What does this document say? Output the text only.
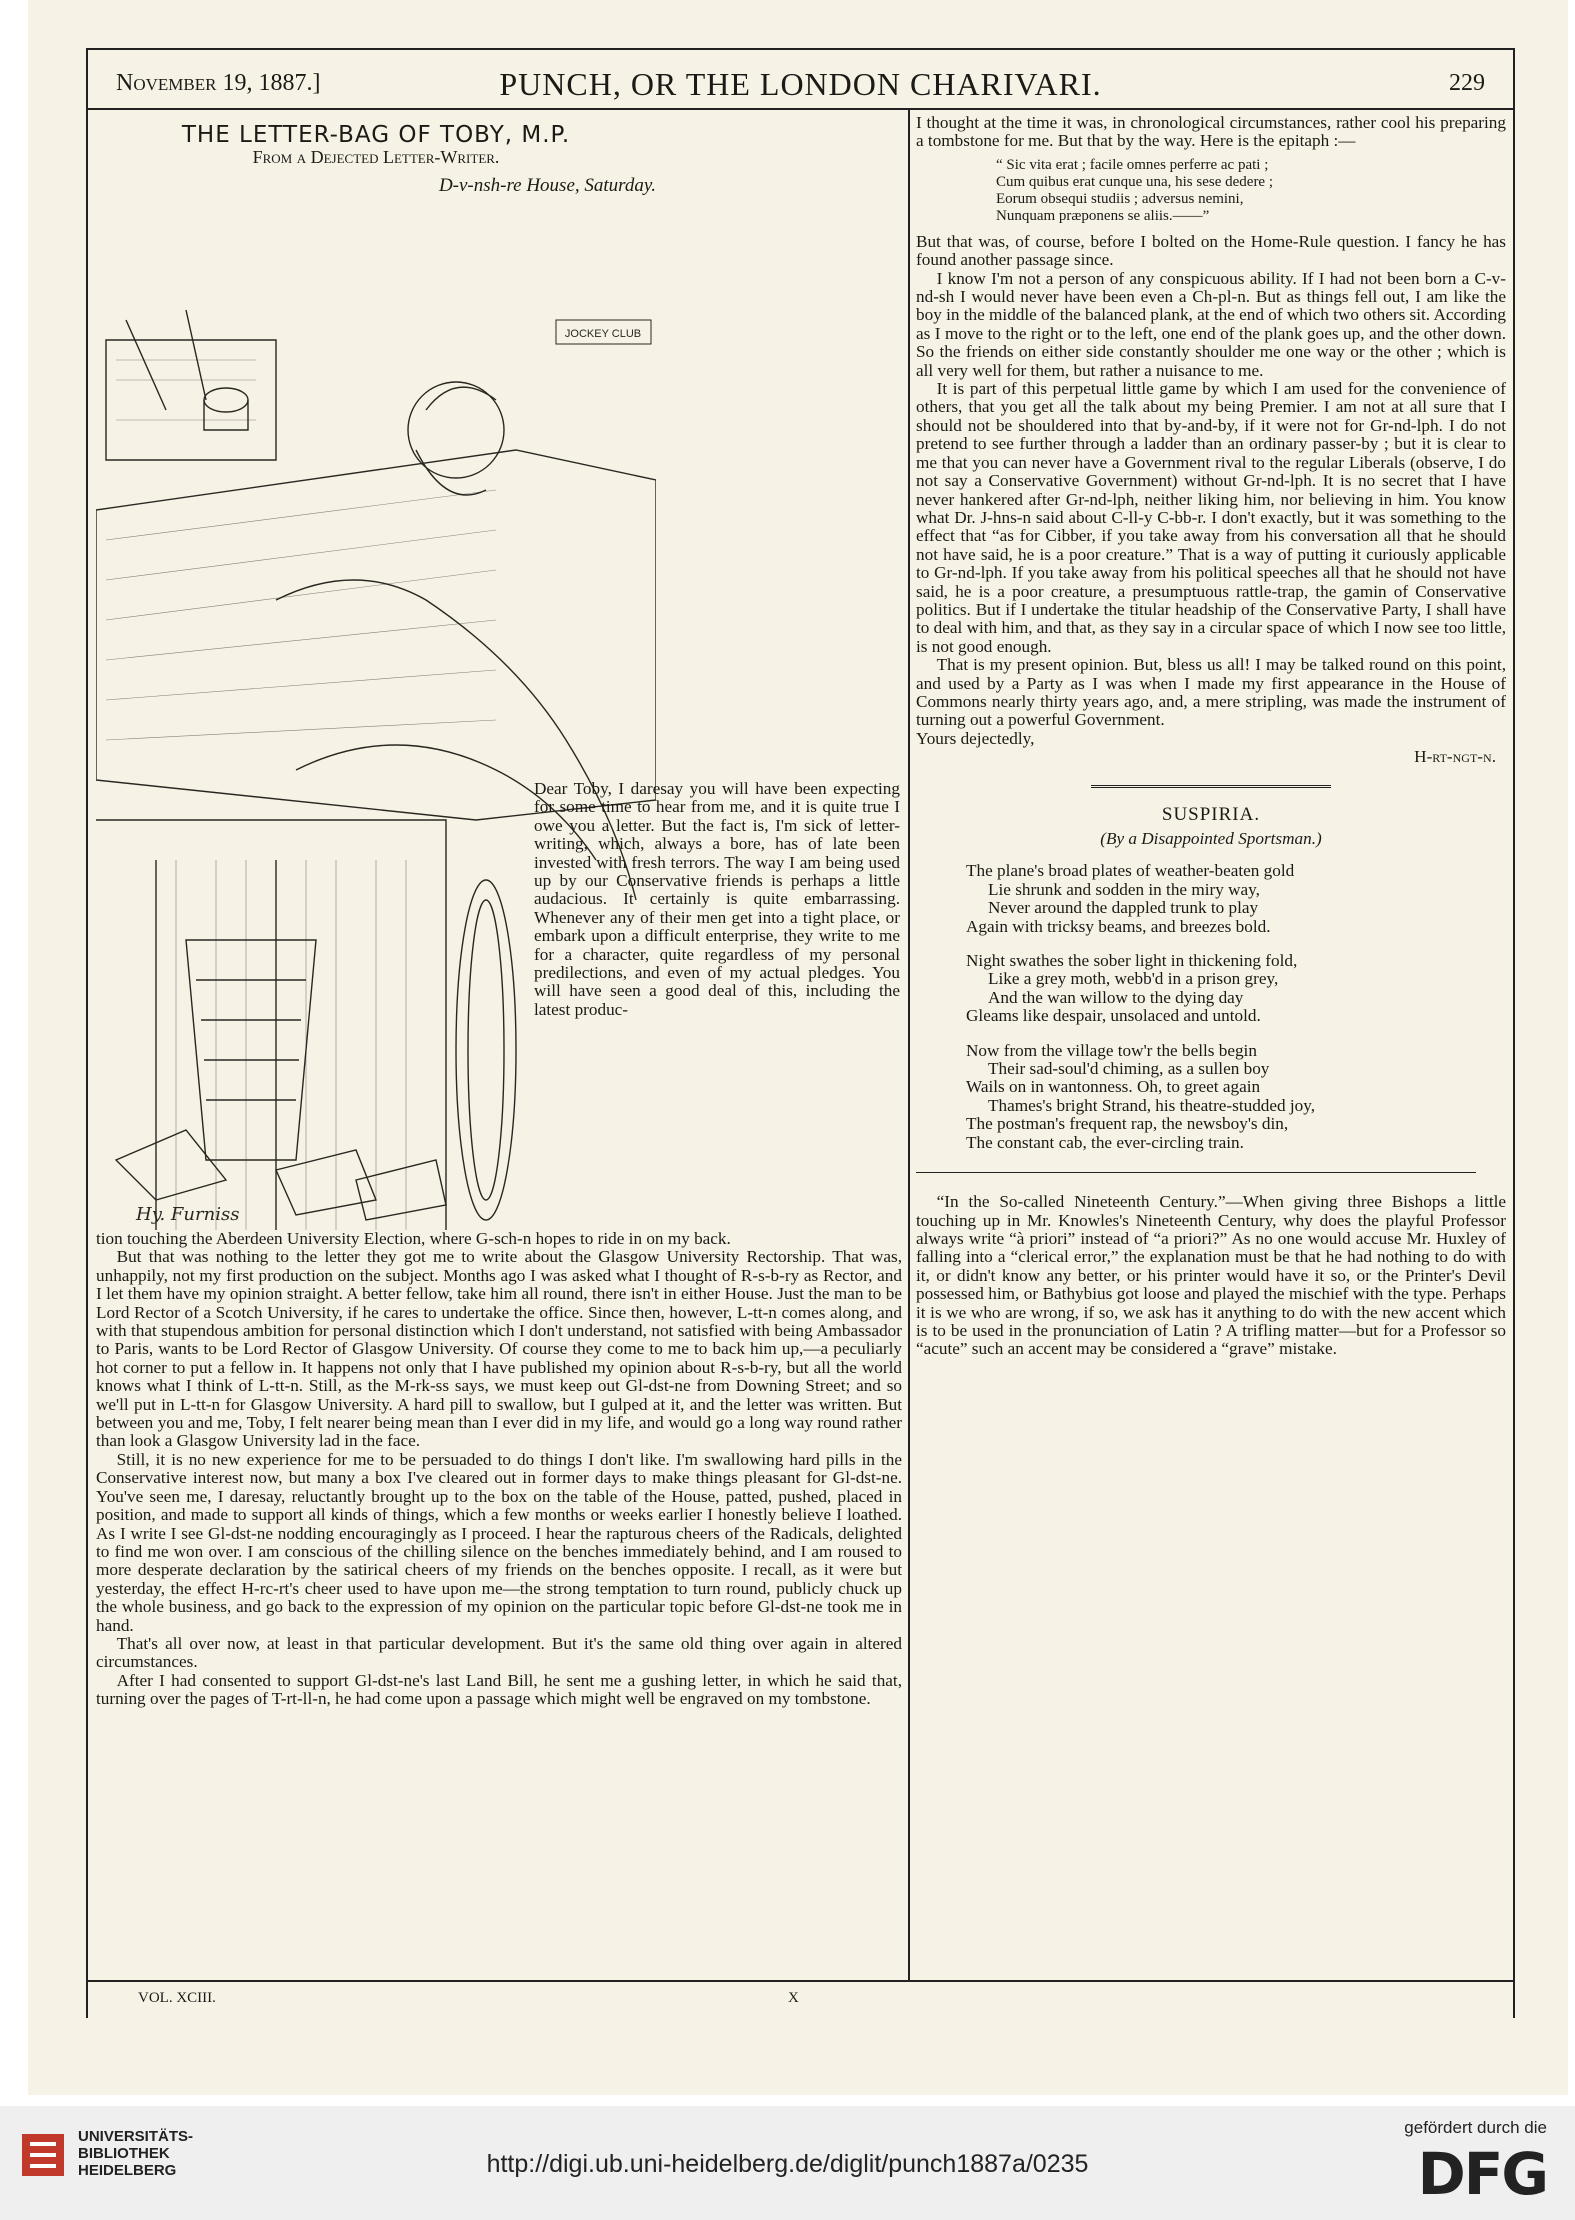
November 19, 1887.]	PUNCH, OR THE LONDON CHARIVARI.	229
THE LETTER-BAG OF TOBY, M.P.
From a Dejected Letter-Writer.
D-v-nsh-re House, Saturday.
JOCKEY CLUB
Hy. Furniss

Dear Toby, I daresay you will have been expecting for some time to hear from me, and it is quite true I owe you a letter. But the fact is, I'm sick of letter-writing, which, always a bore, has of late been invested with fresh terrors. The way I am being used up by our Conservative friends is perhaps a little audacious. It certainly is quite embarrassing. Whenever any of their men get into a tight place, or embark upon a difficult enterprise, they write to me for a character, quite regardless of my personal predilections, and even of my actual pledges. You will have seen a good deal of this, including the latest produc-

tion touching the Aberdeen University Election, where G-sch-n hopes to ride in on my back.

But that was nothing to the letter they got me to write about the Glasgow University Rectorship. That was, unhappily, not my first production on the subject. Months ago I was asked what I thought of R-s-b-ry as Rector, and I let them have my opinion straight. A better fellow, take him all round, there isn't in either House. Just the man to be Lord Rector of a Scotch University, if he cares to undertake the office. Since then, however, L-tt-n comes along, and with that stupendous ambition for personal distinction which I don't understand, not satisfied with being Ambassador to Paris, wants to be Lord Rector of Glasgow University. Of course they come to me to back him up,—a peculiarly hot corner to put a fellow in. It happens not only that I have published my opinion about R-s-b-ry, but all the world knows what I think of L-tt-n. Still, as the M-rk-ss says, we must keep out Gl-dst-ne from Downing Street; and so we'll put in L-tt-n for Glasgow University. A hard pill to swallow, but I gulped at it, and the letter was written. But between you and me, Toby, I felt nearer being mean than I ever did in my life, and would go a long way round rather than look a Glasgow University lad in the face.

Still, it is no new experience for me to be persuaded to do things I don't like. I'm swallowing hard pills in the Conservative interest now, but many a box I've cleared out in former days to make things pleasant for Gl-dst-ne. You've seen me, I daresay, reluctantly brought up to the box on the table of the House, patted, pushed, placed in position, and made to support all kinds of things, which a few months or weeks earlier I honestly believe I loathed. As I write I see Gl-dst-ne nodding encouragingly as I proceed. I hear the rapturous cheers of the Radicals, delighted to find me won over. I am conscious of the chilling silence on the benches immediately behind, and I am roused to more desperate declaration by the satirical cheers of my friends on the benches opposite. I recall, as it were but yesterday, the effect H-rc-rt's cheer used to have upon me—the strong temptation to turn round, publicly chuck up the whole business, and go back to the expression of my opinion on the particular topic before Gl-dst-ne took me in hand.

That's all over now, at least in that particular development. But it's the same old thing over again in altered circumstances.

After I had consented to support Gl-dst-ne's last Land Bill, he sent me a gushing letter, in which he said that, turning over the pages of T-rt-ll-n, he had come upon a passage which might well be engraved on my tombstone.

I thought at the time it was, in chronological circumstances, rather cool his preparing a tombstone for me. But that by the way. Here is the epitaph :—

“ Sic vita erat ; facile omnes perferre ac pati ;
Cum quibus erat cunque una, his sese dedere ;
Eorum obsequi studiis ; adversus nemini,
Nunquam præponens se aliis.——”

But that was, of course, before I bolted on the Home-Rule question. I fancy he has found another passage since.

I know I'm not a person of any conspicuous ability. If I had not been born a C-v-nd-sh I would never have been even a Ch-pl-n. But as things fell out, I am like the boy in the middle of the balanced plank, at the end of which two others sit. According as I move to the right or to the left, one end of the plank goes up, and the other down. So the friends on either side constantly shoulder me one way or the other ; which is all very well for them, but rather a nuisance to me.

It is part of this perpetual little game by which I am used for the convenience of others, that you get all the talk about my being Premier. I am not at all sure that I should not be shouldered into that by-and-by, if it were not for Gr-nd-lph. I do not pretend to see further through a ladder than an ordinary passer-by ; but it is clear to me that you can never have a Government rival to the regular Liberals (observe, I do not say a Conservative Government) without Gr-nd-lph. It is no secret that I have never hankered after Gr-nd-lph, neither liking him, nor believing in him. You know what Dr. J-hns-n said about C-ll-y C-bb-r. I don't exactly, but it was something to the effect that “as for Cibber, if you take away from his conversation all that he should not have said, he is a poor creature.” That is a way of putting it curiously applicable to Gr-nd-lph. If you take away from his political speeches all that he should not have said, he is a poor creature, a presumptuous rattle-trap, the gamin of Conservative politics. But if I undertake the titular headship of the Conservative Party, I shall have to deal with him, and that, as they say in a circular space of which I now see too little, is not good enough.

That is my present opinion. But, bless us all! I may be talked round on this point, and used by a Party as I was when I made my first appearance in the House of Commons nearly thirty years ago, and, a mere stripling, was made the instrument of turning out a powerful Government.

Yours dejectedly,

H-rt-ngt-n.
SUSPIRIA.
(By a Disappointed Sportsman.)
The plane's broad plates of weather-beaten gold
Lie shrunk and sodden in the miry way,
Never around the dappled trunk to play
Again with tricksy beams, and breezes bold.
Night swathes the sober light in thickening fold,
Like a grey moth, webb'd in a prison grey,
And the wan willow to the dying day
Gleams like despair, unsolaced and untold.
Now from the village tow'r the bells begin
Their sad-soul'd chiming, as a sullen boy
Wails on in wantonness. Oh, to greet again
Thames's bright Strand, his theatre-studded joy,
The postman's frequent rap, the newsboy's din,
The constant cab, the ever-circling train.

“In the So-called Nineteenth Century.”—When giving three Bishops a little touching up in Mr. Knowles's Nineteenth Century, why does the playful Professor always write “à priori” instead of “a priori?” As no one would accuse Mr. Huxley of falling into a “clerical error,” the explanation must be that he had nothing to do with it, or didn't know any better, or his printer would have it so, or the Printer's Devil possessed him, or Bathybius got loose and played the mischief with the type. Perhaps it is we who are wrong, if so, we ask has it anything to do with the new accent which is to be used in the pronunciation of Latin ? A trifling matter—but for a Professor so “acute” such an accent may be considered a “grave” mistake.

VOL. XCIII.	X
UNIVERSITÄTS-
BIBLIOTHEK
HEIDELBERG	http://digi.ub.uni-heidelberg.de/diglit/punch1887a/0235
gefördert durch die
DFG
